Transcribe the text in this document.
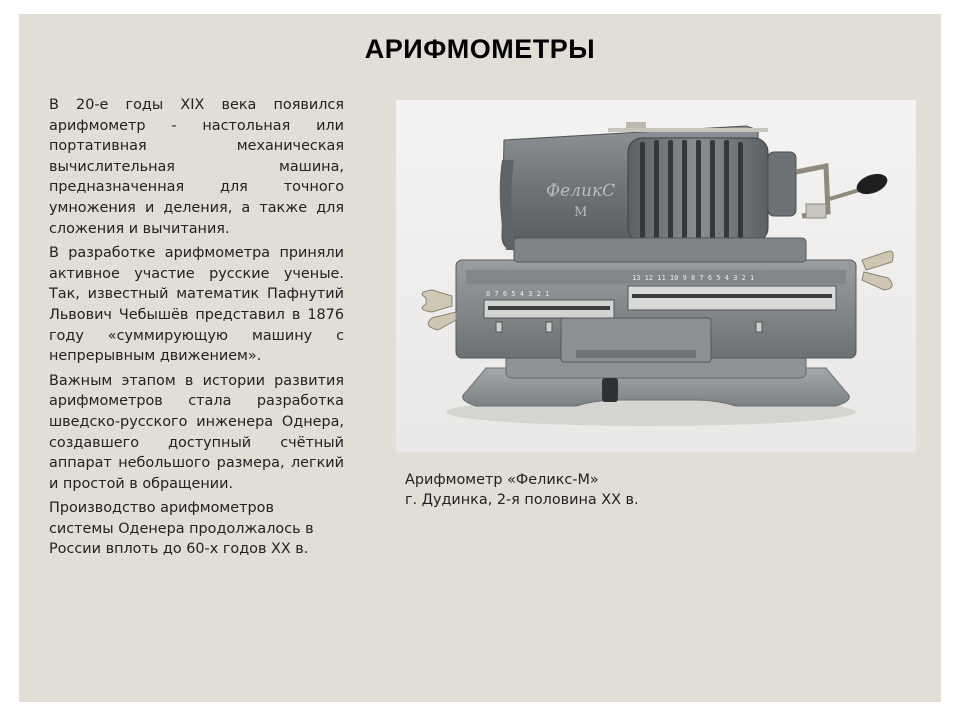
АРИФМОМЕТРЫ

В 20-е годы XIX века появился арифмометр - настольная или портативная механическая вычислительная машина, предназначенная для точного умножения и деления, а также для сложения и вычитания.

В разработке арифмометра приняли активное участие русские ученые. Так, известный математик Пафнутий Львович Чебышёв представил в 1876 году «суммирующую машину с непрерывным движением».

Важным этапом в истории развития арифмометров стала разработка шведско-русского инженера Однера, создавшего доступный счётный аппарат небольшого размера, легкий и простой в обращении.

Производство арифмометров системы Оденера продолжалось в России вплоть до 60-х годов XX в.

13 12 11 10 9 8 7 6 5 4 3 2 1
8 7 6 5 4 3 2 1
ФеликС
М
Арифмометр «Феликс-М»
г. Дудинка, 2-я половина XX в.
